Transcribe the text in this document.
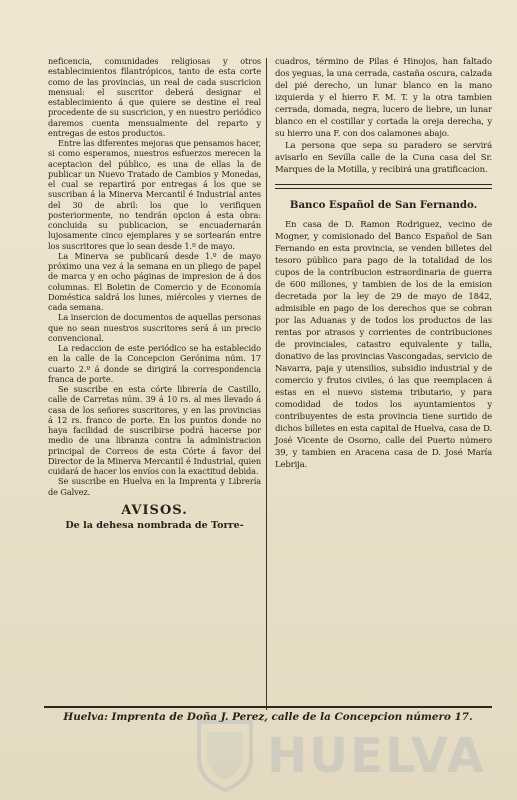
neficencia, comunidades religiosas y otros establecimientos filantrópicos, tanto de esta corte como de las provincias, un real de cada suscricion mensual: el suscritor deberá designar el establecimiento á que quiere se destine el real procedente de su suscricion, y en nuestro periódico daremos cuenta mensualmente del reparto y entregas de estos productos.

Entre las diferentes mejoras que pensamos hacer, si como esperamos, nuestros esfuerzos merecen la aceptacion del público, es una de ellas la de publicar un Nuevo Tratado de Cambios y Monedas, el cual se repartirá por entregas á los que se suscriban á la Minerva Mercantil é Industrial antes del 30 de abril: los que lo verifiquen posteriormente, no tendrán opcion á esta obra: concluida su publicacion, se encuadernarán lujosamente cinco ejemplares y se sortearán entre los suscritores que lo sean desde 1.º de mayo.

La Minerva se publicará desde 1.º de mayo próximo una vez á la semana en un pliego de papel de marca y en ocho páginas de impresion de á dos columnas. El Boletin de Comercio y de Economía Doméstica saldrá los lunes, miércoles y viernes de cada semana.

La insercion de documentos de aquellas personas que no sean nuestros suscritores será á un precio convencional.

La redaccion de este periódico se ha establecido en la calle de la Concepcion Gerónima núm. 17 cuarto 2.º á donde se dirigirá la correspondencia franca de porte.

Se suscribe en esta córte librería de Castillo, calle de Carretas núm. 39 á 10 rs. al mes llevado á casa de los señores suscritores, y en las provincias á 12 rs. franco de porte. En los puntos donde no haya facilidad de suscribirse podrá hacerse por medio de una libranza contra la administracion principal de Correos de esta Córte á favor del Director de la Minerva Mercantil é Industrial, quien cuidará de hacer los envíos con la exactitud debida.

Se suscribe en Huelva en la Imprenta y Librería de Galvez.

AVISOS.

De la dehesa nombrada de Torre-

cuadros, término de Pilas é Hinojos, han faltado dos yeguas, la una cerrada, castaña oscura, calzada del pié derecho, un lunar blanco en la mano izquierda y el hierro F. M. T. y la otra tambien cerrada, domada, negra, lucero de liebre, un lunar blanco en el costillar y cortada la oreja derecha, y su hierro una F. con dos calamones abajo.

La persona que sepa su paradero se servirá avisarlo en Sevilla calle de la Cuna casa del Sr. Marques de la Motilla, y recibirá una gratificacion.

Banco Español de San Fernando.

En casa de D. Ramon Rodriguez, vecino de Mogner, y comisionado del Banco Español de San Fernando en esta provincia, se venden billetes del tesoro público para pago de la totalidad de los cupos de la contribucion estraordinaria de guerra de 600 millones, y tambien de los de la emision decretada por la ley de 29 de mayo de 1842, admisible en pago de los derechos que se cobran por las Aduanas y de todos los productos de las rentas por atrasos y corrientes de contribuciones de provinciales, catastro equivalente y talla, donativo de las provincias Vascongadas, servicio de Navarra, paja y utensilios, subsidio industrial y de comercio y frutos civiles, ó las que reemplacen á estas en el nuevo sistema tributario, y para comodidad de todos los ayuntamientos y contribuyentes de esta provincia tiene surtido de dichos billetes en esta capital de Huelva, casa de D. José Vicente de Osorno, calle del Puerto número 39, y tambien en Aracena casa de D. José María Lebrija.

Huelva: Imprenta de Doña J. Perez, calle de la Concepcion número 17.
HUELVA
